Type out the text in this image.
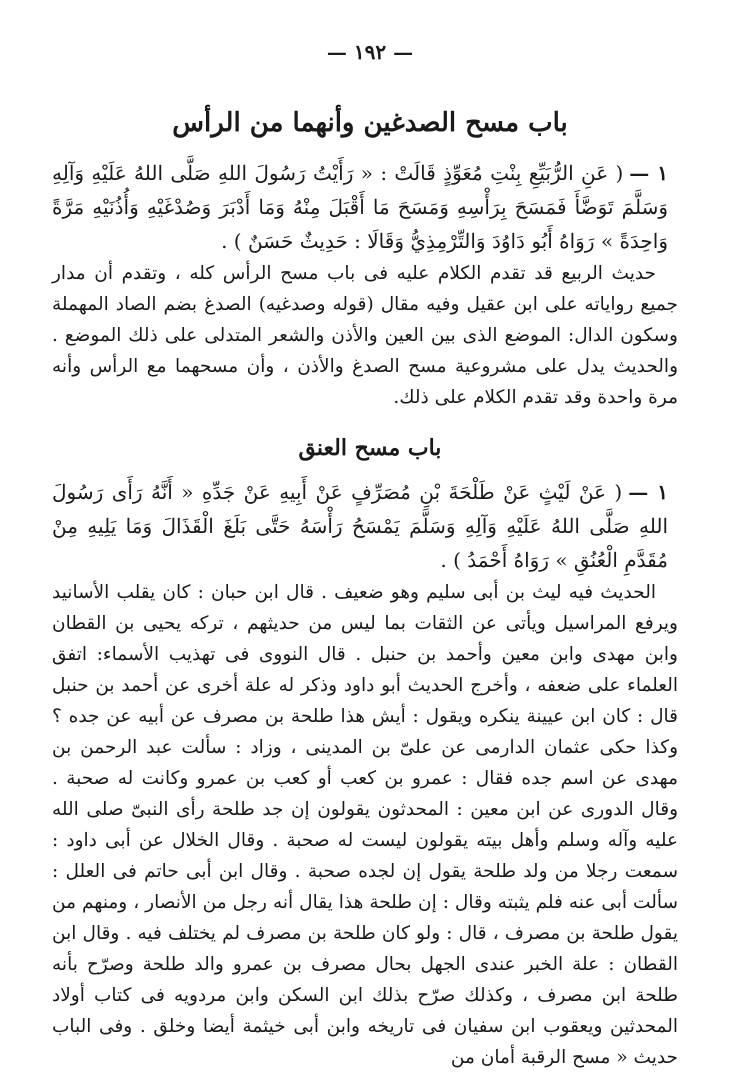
— ١٩٢ —
باب مسح الصدغين وأنهما من الرأس

١ —( عَنِ الرُّبَيِّعِ بِنْتِ مُعَوِّذٍ قَالَتْ : « رَأَيْتُ رَسُولَ اللهِ صَلَّى اللهُ عَلَيْهِ وَآلِهِ وَسَلَّمَ تَوَضَّأَ فَمَسَحَ بِرَأْسِهِ وَمَسَحَ مَا أَقْبَلَ مِنْهُ وَمَا أَدْبَرَ وَصُدْغَيْهِ وَأُذُنَيْهِ مَرَّةً وَاحِدَةً » رَوَاهُ أَبُو دَاوُدَ وَالتِّرْمِذِيُّ وَقَالَا : حَدِيثٌ حَسَنٌ ) .

حديث الربيع قد تقدم الكلام عليه فى باب مسح الرأس كله ، وتقدم أن مدار جميع رواياته على ابن عقيل وفيه مقال (قوله وصدغيه) الصدغ بضم الصاد المهملة وسكون الدال: الموضع الذى بين العين والأذن والشعر المتدلى على ذلك الموضع . والحديث يدل على مشروعية مسح الصدغ والأذن ، وأن مسحهما مع الرأس وأنه مرة واحدة وقد تقدم الكلام على ذلك.

باب مسح العنق

١ —( عَنْ لَيْثٍ عَنْ طَلْحَةَ بْنِ مُصَرِّفٍ عَنْ أَبِيهِ عَنْ جَدِّهِ « أَنَّهُ رَأَى رَسُولَ اللهِ صَلَّى اللهُ عَلَيْهِ وَآلِهِ وَسَلَّمَ يَمْسَحُ رَأْسَهُ حَتَّى بَلَغَ الْقَذَالَ وَمَا يَلِيهِ مِنْ مُقَدَّمِ الْعُنُقِ » رَوَاهُ أَحْمَدُ ) .

الحديث فيه ليث بن أبى سليم وهو ضعيف . قال ابن حبان : كان يقلب الأسانيد ويرفع المراسيل ويأتى عن الثقات بما ليس من حديثهم ، تركه يحيى بن القطان وابن مهدى وابن معين وأحمد بن حنبل . قال النووى فى تهذيب الأسماء: اتفق العلماء على ضعفه ، وأخرج الحديث أبو داود وذكر له علة أخرى عن أحمد بن حنبل قال : كان ابن عيينة ينكره ويقول : أيش هذا طلحة بن مصرف عن أبيه عن جده ؟ وكذا حكى عثمان الدارمى عن علىّ بن المدينى ، وزاد : سألت عبد الرحمن بن مهدى عن اسم جده فقال : عمرو بن كعب أو كعب بن عمرو وكانت له صحبة . وقال الدورى عن ابن معين : المحدثون يقولون إن جد طلحة رأى النبىّ صلى الله عليه وآله وسلم وأهل بيته يقولون ليست له صحبة . وقال الخلال عن أبى داود : سمعت رجلا من ولد طلحة يقول إن لجده صحبة . وقال ابن أبى حاتم فى العلل : سألت أبى عنه فلم يثبته وقال : إن طلحة هذا يقال أنه رجل من الأنصار ، ومنهم من يقول طلحة بن مصرف ، قال : ولو كان طلحة بن مصرف لم يختلف فيه . وقال ابن القطان : علة الخبر عندى الجهل بحال مصرف بن عمرو والد طلحة وصرّح بأنه طلحة ابن مصرف ، وكذلك صرّح بذلك ابن السكن وابن مردويه فى كتاب أولاد المحدثين ويعقوب ابن سفيان فى تاريخه وابن أبى خيثمة أيضا وخلق . وفى الباب حديث « مسح الرقبة أمان من
